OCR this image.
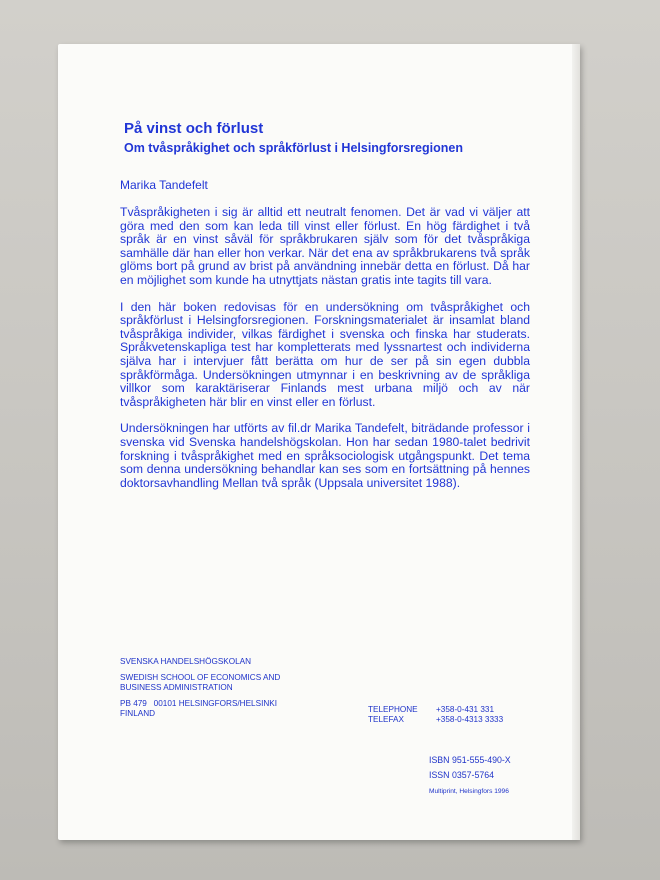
På vinst och förlust
Om tvåspråkighet och språkförlust i Helsingforsregionen

Marika Tandefelt

Tvåspråkigheten i sig är alltid ett neutralt fenomen. Det är vad vi väljer att göra med den som kan leda till vinst eller förlust. En hög färdighet i två språk är en vinst såväl för språkbrukaren själv som för det tvåspråkiga samhälle där han eller hon verkar. När det ena av språkbrukarens två språk glöms bort på grund av brist på användning innebär detta en förlust. Då har en möjlighet som kunde ha utnyttjats nästan gratis inte tagits till vara.

I den här boken redovisas för en undersökning om tvåspråkighet och språkförlust i Helsingforsregionen. Forskningsmaterialet är insamlat bland tvåspråkiga individer, vilkas färdighet i svenska och finska har studerats. Språkvetenskapliga test har kompletterats med lyssnartest och individerna själva har i intervjuer fått berätta om hur de ser på sin egen dubbla språkförmåga. Undersökningen utmynnar i en beskrivning av de språkliga villkor som karaktäriserar Finlands mest urbana miljö och av när tvåspråkigheten här blir en vinst eller en förlust.

Undersökningen har utförts av fil.dr Marika Tandefelt, biträdande professor i svenska vid Svenska handelshögskolan. Hon har sedan 1980-talet bedrivit forskning i tvåspråkighet med en språksociologisk utgångspunkt. Det tema som denna undersökning behandlar kan ses som en fortsättning på hennes doktorsavhandling Mellan två språk (Uppsala universitet 1988).

SVENSKA HANDELSHÖGSKOLAN
SWEDISH SCHOOL OF ECONOMICS AND
BUSINESS ADMINISTRATION
PB 479   00101 HELSINGFORS/HELSINKI
FINLAND	TELEPHONE	+358-0-431 331
TELEFAX	+358-0-4313 3333
ISBN 951-555-490-X
ISSN 0357-5764
Multiprint, Helsingfors 1996
